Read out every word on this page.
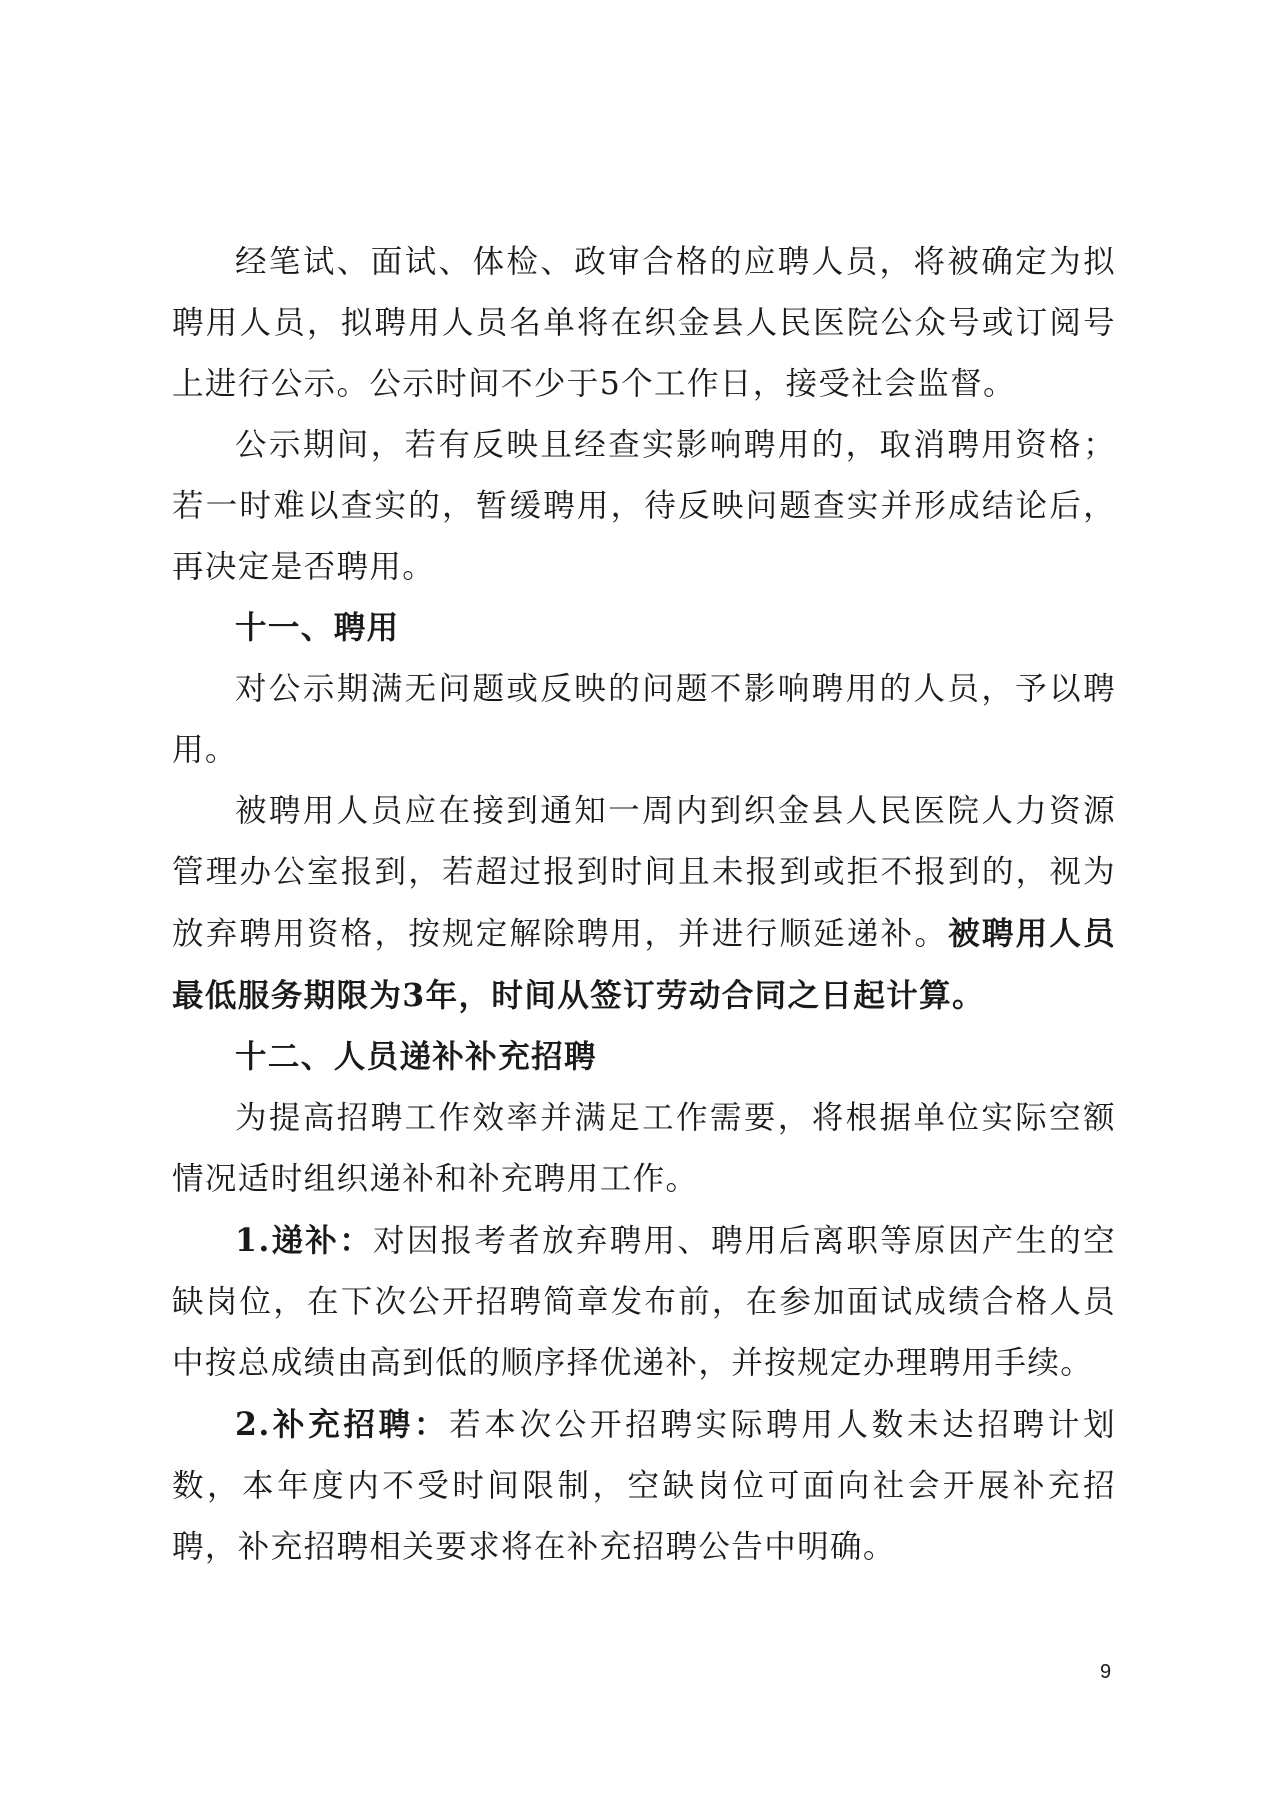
经笔试、面试、体检、政审合格的应聘人员，将被确定为拟聘用人员，拟聘用人员名单将在织金县人民医院公众号或订阅号上进行公示。公示时间不少于5个工作日，接受社会监督。

公示期间，若有反映且经查实影响聘用的，取消聘用资格；若一时难以查实的，暂缓聘用，待反映问题查实并形成结论后，再决定是否聘用。

十一、聘用

对公示期满无问题或反映的问题不影响聘用的人员，予以聘用。

被聘用人员应在接到通知一周内到织金县人民医院人力资源管理办公室报到，若超过报到时间且未报到或拒不报到的，视为放弃聘用资格，按规定解除聘用，并进行顺延递补。被聘用人员最低服务期限为3年，时间从签订劳动合同之日起计算。

十二、人员递补补充招聘

为提高招聘工作效率并满足工作需要，将根据单位实际空额情况适时组织递补和补充聘用工作。

1.递补：对因报考者放弃聘用、聘用后离职等原因产生的空缺岗位，在下次公开招聘简章发布前，在参加面试成绩合格人员中按总成绩由高到低的顺序择优递补，并按规定办理聘用手续。

2.补充招聘：若本次公开招聘实际聘用人数未达招聘计划数，本年度内不受时间限制，空缺岗位可面向社会开展补充招聘，补充招聘相关要求将在补充招聘公告中明确。

9
